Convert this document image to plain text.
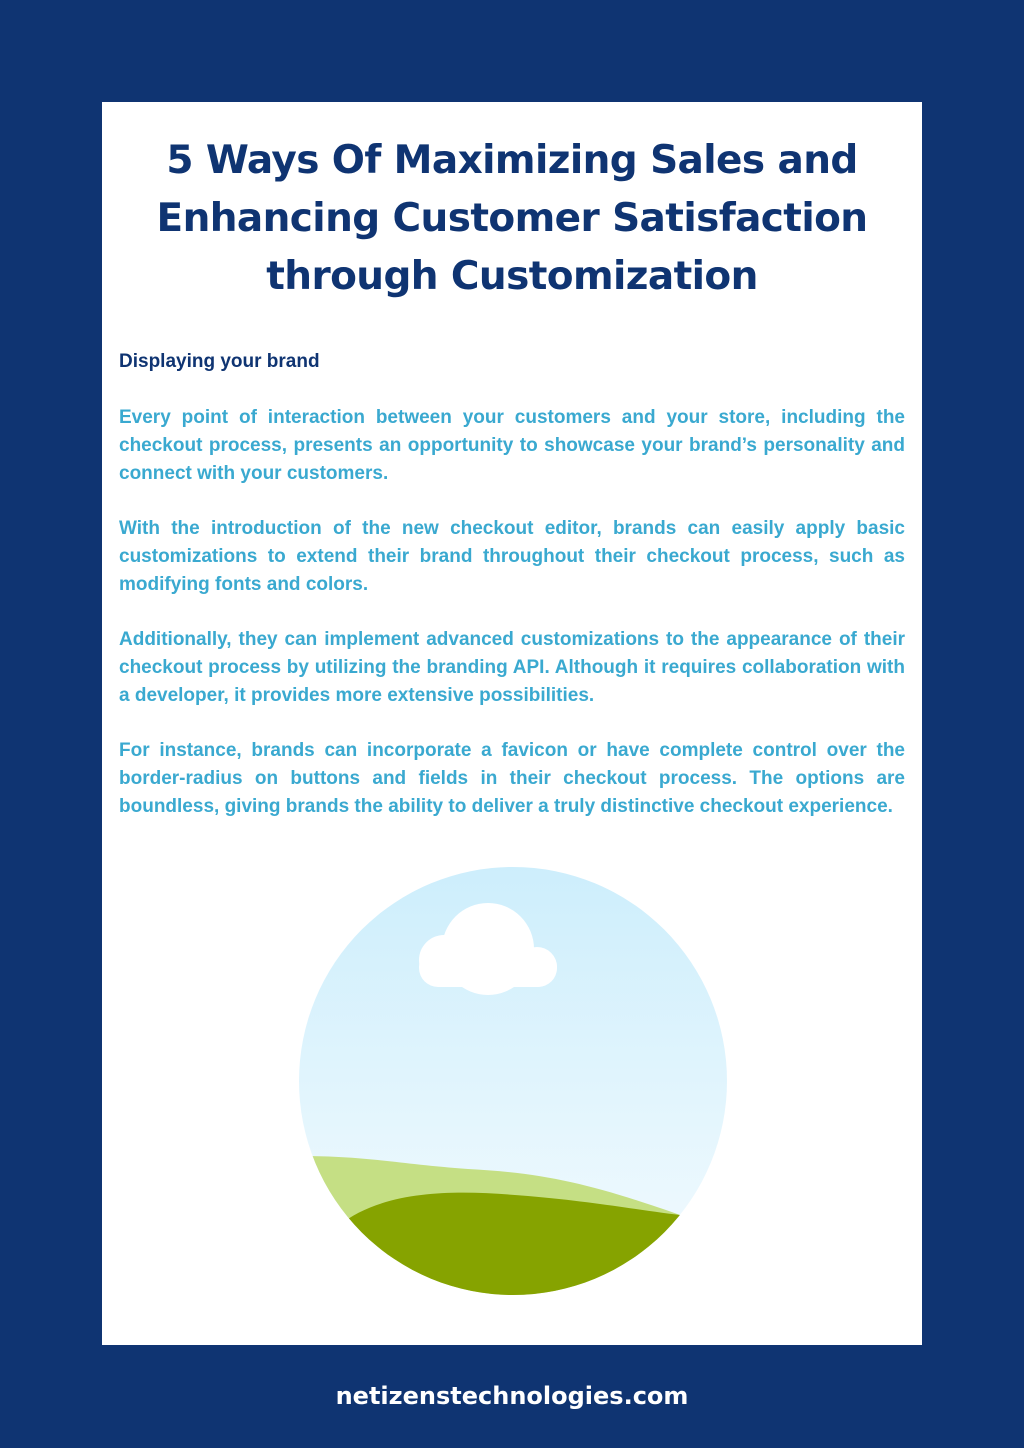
5 Ways Of Maximizing Sales and Enhancing Customer Satisfaction through Customization
Displaying your brand

Every point of interaction between your customers and your store, including the checkout process, presents an opportunity to showcase your brand’s personality and connect with your customers.

With the introduction of the new checkout editor, brands can easily apply basic customizations to extend their brand throughout their checkout process, such as modifying fonts and colors.

Additionally, they can implement advanced customizations to the appearance of their checkout process by utilizing the branding API. Although it requires collaboration with a developer, it provides more extensive possibilities.

For instance, brands can incorporate a favicon or have complete control over the border-radius on buttons and fields in their checkout process. The options are boundless, giving brands the ability to deliver a truly distinctive checkout experience.

netizenstechnologies.com
